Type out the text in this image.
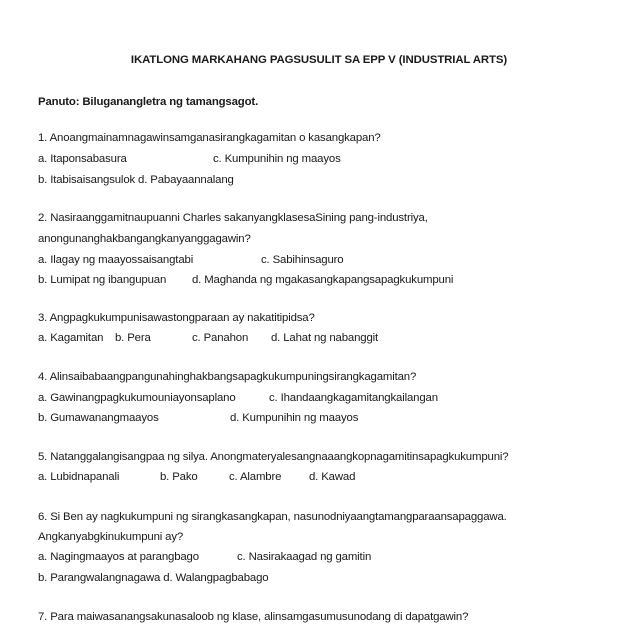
IKATLONG MARKAHANG PAGSUSULIT SA EPP V (INDUSTRIAL ARTS)
Panuto: Biluganangletra ng tamangsagot.
1. Anoangmainamnagawinsamganasirangkagamitan o kasangkapan?
a. Itaponsabasura	c. Kumpunihin ng maayos
b. Itabisaisangsulok d. Pabayaannalang
2. Nasiraanggamitnaupuanni Charles sakanyangklasesaSining pang-industriya,
anongunanghakbangangkanyanggagawin?
a. Ilagay ng maayossaisangtabi	c. Sabihinsaguro
b. Lumipat ng ibangupuan d. Maghanda ng mgakasangkapangsapagkukumpuni
3. Angpagkukumpunisawastongparaan ay nakatitipidsa?
a. Kagamitan b. Pera	c. Panahon d. Lahat ng nabanggit
4. Alinsaibabaangpangunahinghakbangsapagkukumpuningsirangkagamitan?
a. Gawinangpagkukumouniayonsaplano	c. Ihandaangkagamitangkailangan
b. Gumawanangmaayos	d. Kumpunihin ng maayos
5. Natanggalangisangpaa ng silya. Anongmateryalesangnaaangkopnagamitinsapagkukumpuni?
a. Lubidnapanali	b. Pako	c. Alambre d. Kawad
6. Si Ben ay nagkukumpuni ng sirangkasangkapan, nasunodniyaangtamangparaansapaggawa.
Angkanyabgkinukumpuni ay?
a. Nagingmaayos at parangbago	c. Nasirakaagad ng gamitin
b. Parangwalangnagawa d. Walangpagbabago
7. Para maiwasanangsakunasaloob ng klase, alinsamgasumusunodang di dapatgawin?
